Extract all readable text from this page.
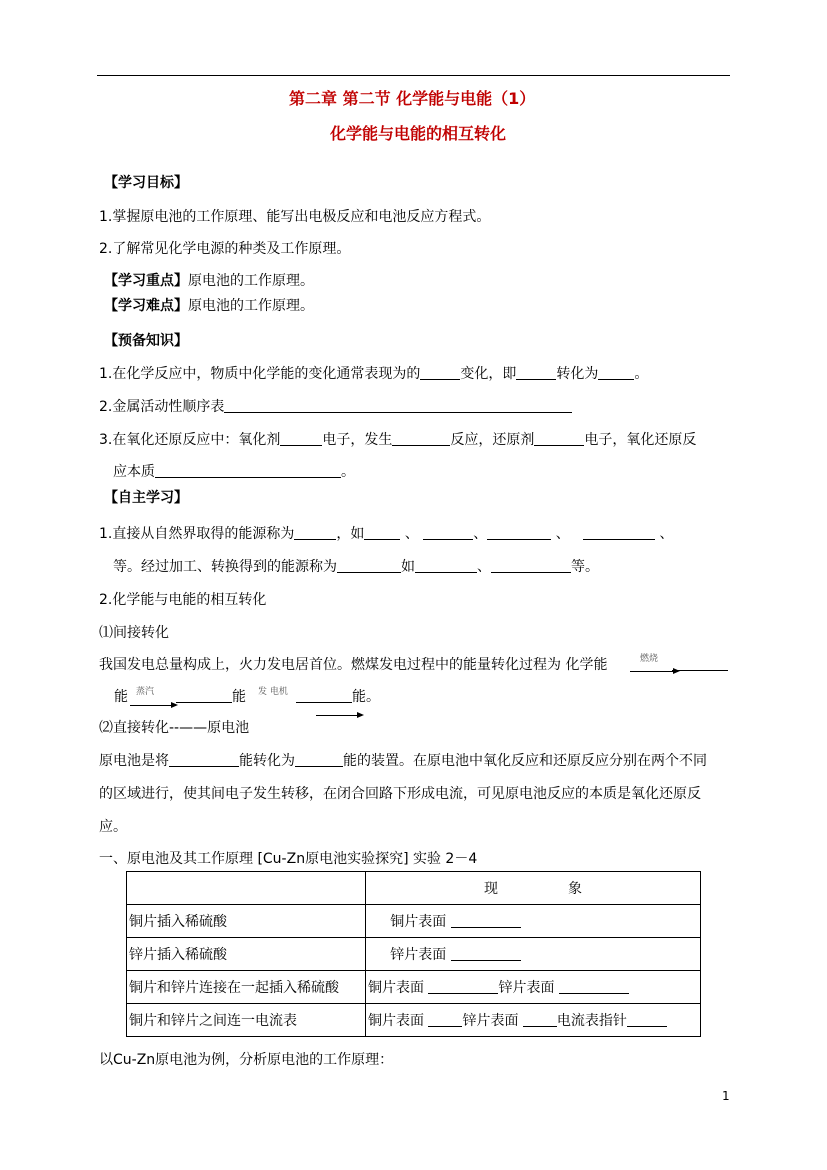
第二章 第二节 化学能与电能（1）
化学能与电能的相互转化
【学习目标】
1.掌握原电池的工作原理、能写出电极反应和电池反应方程式。
2.了解常见化学电源的种类及工作原理。
【学习重点】原电池的工作原理。
【学习难点】原电池的工作原理。
【预备知识】
1.在化学反应中，物质中化学能的变化通常表现为的	变化，即	转化为	。
2.金属活动性顺序表
3.在氧化还原反应中：氧化剂	电子，发生	反应，还原剂	电子，氧化还原反
应本质	。
【自主学习】
1.直接从自然界取得的能源称为	，如	、	、	、	、
等。经过加工、转换得到的能源称为	如	、	等。
2.化学能与电能的相互转化
⑴间接转化
我国发电总量构成上，火力发电居首位。燃煤发电过程中的能量转化过程为 化学能	燃烧
能 蒸汽	能 发 电机	能。
⑵直接转化--——原电池
原电池是将	能转化为	能的装置。在原电池中氧化反应和还原反应分别在两个不同
的区域进行，使其间电子发生转移，在闭合回路下形成电流，可见原电池反应的本质是氧化还原反
应。
一、原电池及其工作原理 [Cu-Zn原电池实验探究] 实验 2－4
	现　　　　　象
铜片插入稀硫酸	铜片表面
锌片插入稀硫酸	锌片表面
铜片和锌片连接在一起插入稀硫酸	铜片表面 锌片表面
铜片和锌片之间连一电流表	铜片表面 锌片表面 电流表指针
以Cu-Zn原电池为例，分析原电池的工作原理：
1
